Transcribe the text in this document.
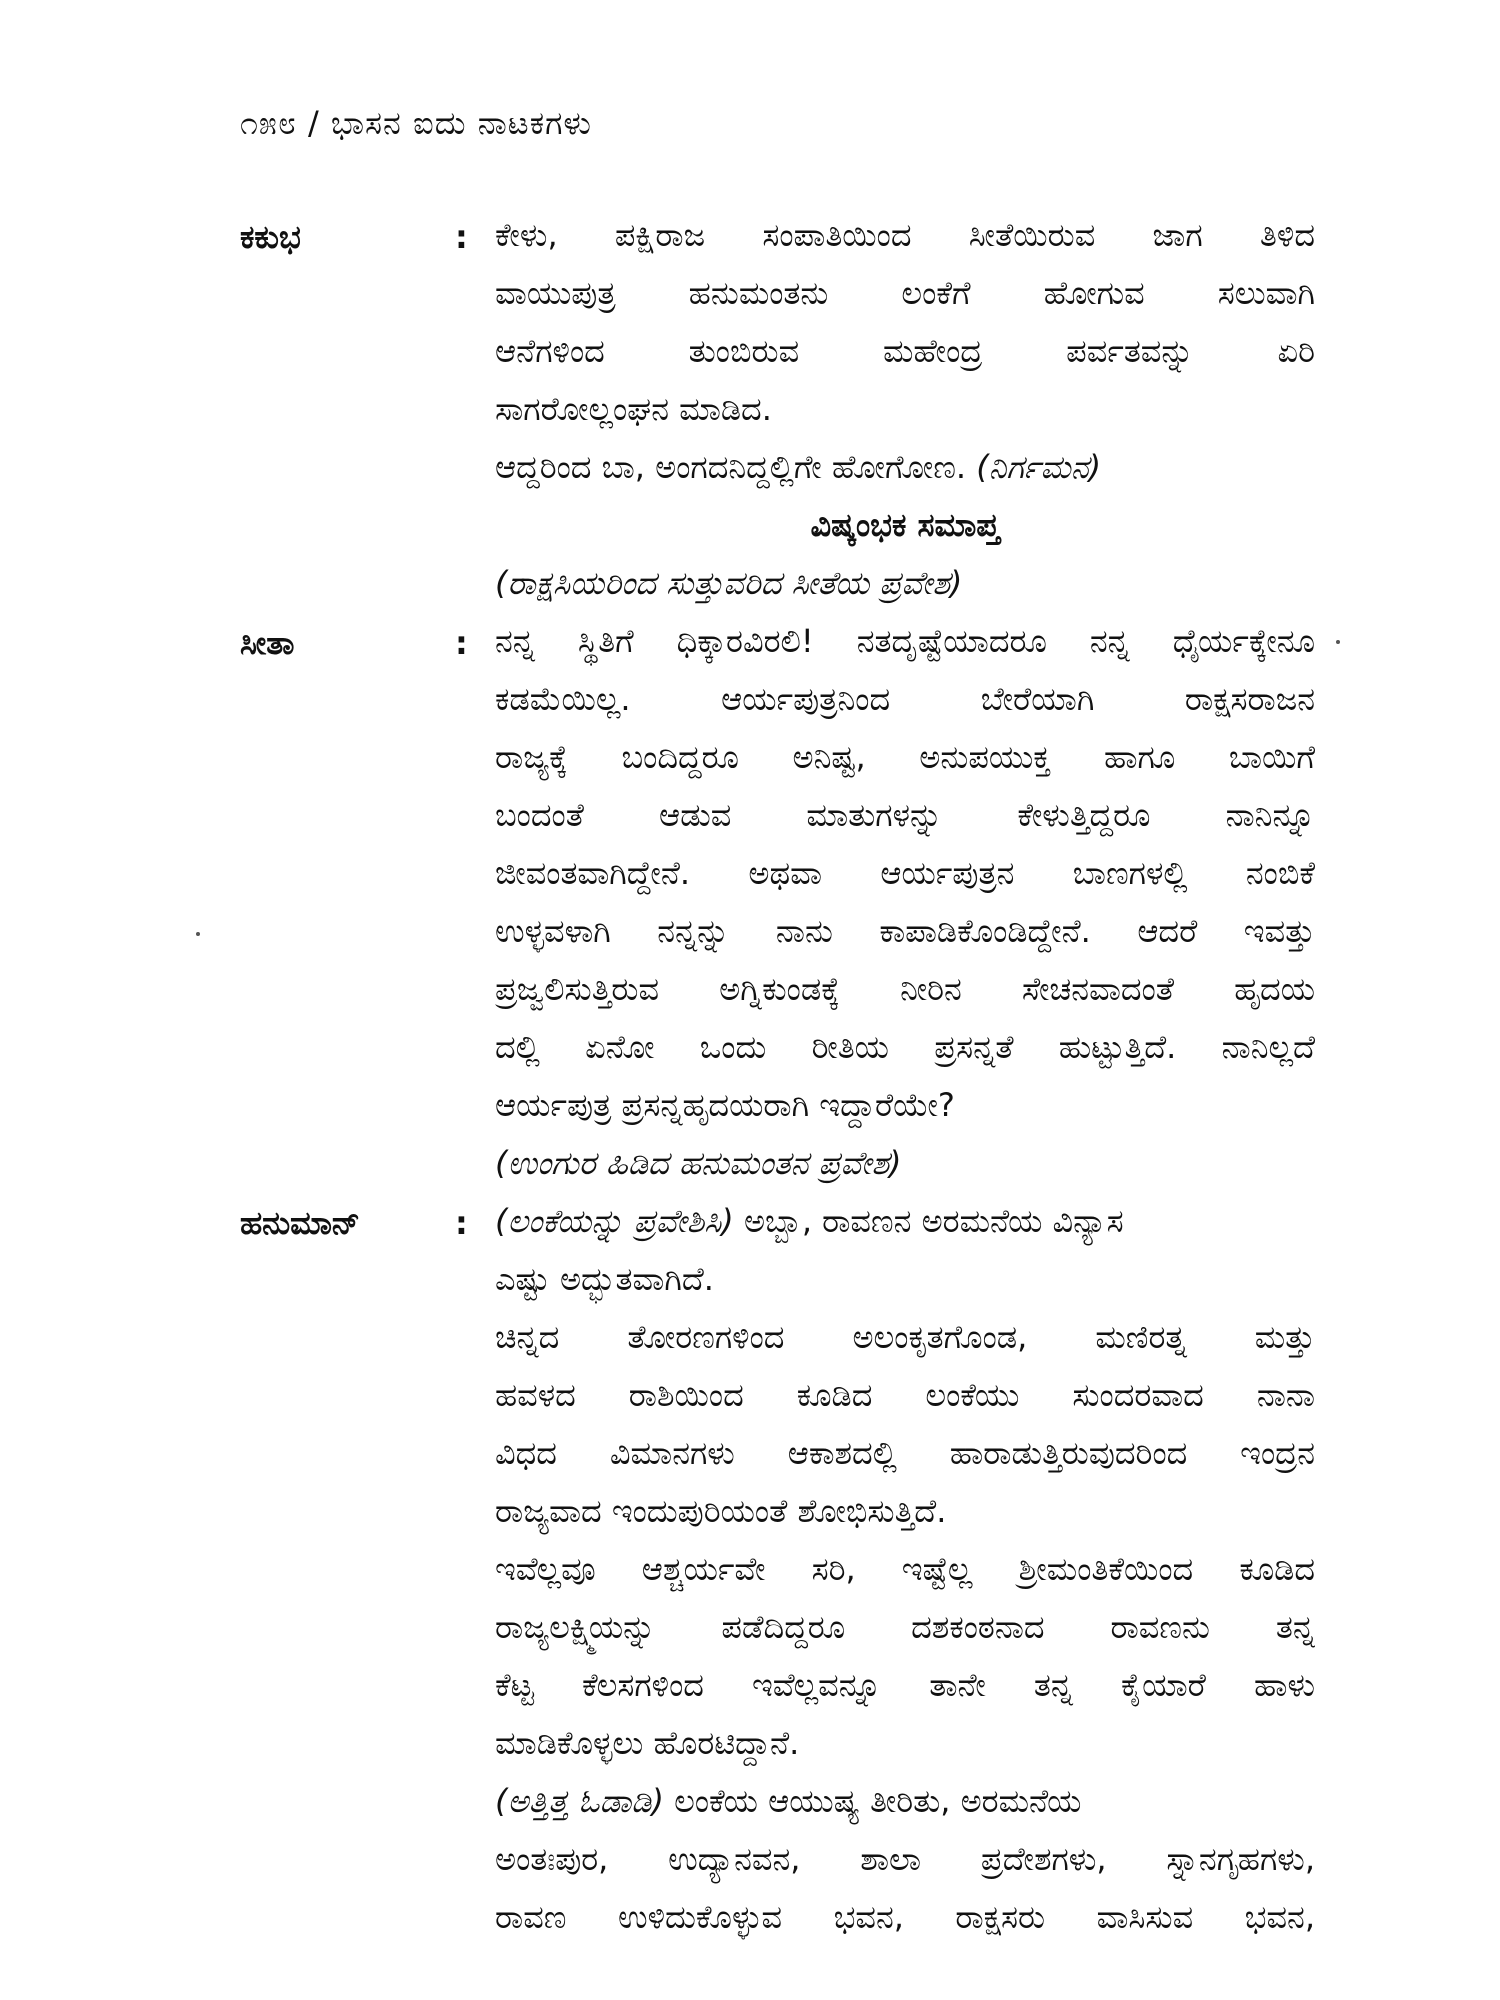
೧೫೮ / ಭಾಸನ ಐದು ನಾಟಕಗಳು
ಕಕುಭ	: ಕೇಳು, ಪಕ್ಷಿರಾಜ ಸಂಪಾತಿಯಿಂದ ಸೀತೆಯಿರುವ ಜಾಗ ತಿಳಿದ
ವಾಯುಪುತ್ರ ಹನುಮಂತನು ಲಂಕೆಗೆ ಹೋಗುವ ಸಲುವಾಗಿ
ಆನೆಗಳಿಂದ ತುಂಬಿರುವ ಮಹೇಂದ್ರ ಪರ್ವತವನ್ನು ಏರಿ
ಸಾಗರೋಲ್ಲಂಘನ ಮಾಡಿದ.
ಆದ್ದರಿಂದ ಬಾ, ಅಂಗದನಿದ್ದಲ್ಲಿಗೇ ಹೋಗೋಣ. (ನಿರ್ಗಮನ)
ವಿಷ್ಕಂಭಕ ಸಮಾಪ್ತ
(ರಾಕ್ಷಸಿಯರಿಂದ ಸುತ್ತುವರಿದ ಸೀತೆಯ ಪ್ರವೇಶ)
ಸೀತಾ	: ನನ್ನ ಸ್ಥಿತಿಗೆ ಧಿಕ್ಕಾರವಿರಲಿ! ನತದೃಷ್ಟೆಯಾದರೂ ನನ್ನ ಧೈರ್ಯಕ್ಕೇನೂ
ಕಡಮೆಯಿಲ್ಲ. ಆರ್ಯಪುತ್ರನಿಂದ ಬೇರೆಯಾಗಿ ರಾಕ್ಷಸರಾಜನ
ರಾಜ್ಯಕ್ಕೆ ಬಂದಿದ್ದರೂ ಅನಿಷ್ಟ, ಅನುಪಯುಕ್ತ ಹಾಗೂ ಬಾಯಿಗೆ
ಬಂದಂತೆ ಆಡುವ ಮಾತುಗಳನ್ನು ಕೇಳುತ್ತಿದ್ದರೂ ನಾನಿನ್ನೂ
ಜೀವಂತವಾಗಿದ್ದೇನೆ. ಅಥವಾ ಆರ್ಯಪುತ್ರನ ಬಾಣಗಳಲ್ಲಿ ನಂಬಿಕೆ
ಉಳ್ಳವಳಾಗಿ ನನ್ನನ್ನು ನಾನು ಕಾಪಾಡಿಕೊಂಡಿದ್ದೇನೆ. ಆದರೆ ಇವತ್ತು
ಪ್ರಜ್ವಲಿಸುತ್ತಿರುವ ಅಗ್ನಿಕುಂಡಕ್ಕೆ ನೀರಿನ ಸೇಚನವಾದಂತೆ ಹೃದಯ
ದಲ್ಲಿ ಏನೋ ಒಂದು ರೀತಿಯ ಪ್ರಸನ್ನತೆ ಹುಟ್ಟುತ್ತಿದೆ. ನಾನಿಲ್ಲದೆ
ಆರ್ಯಪುತ್ರ ಪ್ರಸನ್ನಹೃದಯರಾಗಿ ಇದ್ದಾರೆಯೇ?
(ಉಂಗುರ ಹಿಡಿದ ಹನುಮಂತನ ಪ್ರವೇಶ)
ಹನುಮಾನ್	: (ಲಂಕೆಯನ್ನು ಪ್ರವೇಶಿಸಿ) ಅಬ್ಬಾ, ರಾವಣನ ಅರಮನೆಯ ವಿನ್ಯಾಸ
ಎಷ್ಟು ಅದ್ಭುತವಾಗಿದೆ.
ಚಿನ್ನದ ತೋರಣಗಳಿಂದ ಅಲಂಕೃತಗೊಂಡ, ಮಣಿರತ್ನ ಮತ್ತು
ಹವಳದ ರಾಶಿಯಿಂದ ಕೂಡಿದ ಲಂಕೆಯು ಸುಂದರವಾದ ನಾನಾ
ವಿಧದ ವಿಮಾನಗಳು ಆಕಾಶದಲ್ಲಿ ಹಾರಾಡುತ್ತಿರುವುದರಿಂದ ಇಂದ್ರನ
ರಾಜ್ಯವಾದ ಇಂದುಪುರಿಯಂತೆ ಶೋಭಿಸುತ್ತಿದೆ.
ಇವೆಲ್ಲವೂ ಆಶ್ಚರ್ಯವೇ ಸರಿ, ಇಷ್ಟೆಲ್ಲ ಶ್ರೀಮಂತಿಕೆಯಿಂದ ಕೂಡಿದ
ರಾಜ್ಯಲಕ್ಷ್ಮಿಯನ್ನು ಪಡೆದಿದ್ದರೂ ದಶಕಂಠನಾದ ರಾವಣನು ತನ್ನ
ಕೆಟ್ಟ ಕೆಲಸಗಳಿಂದ ಇವೆಲ್ಲವನ್ನೂ ತಾನೇ ತನ್ನ ಕೈಯಾರೆ ಹಾಳು
ಮಾಡಿಕೊಳ್ಳಲು ಹೊರಟಿದ್ದಾನೆ.
(ಅತ್ತಿತ್ತ ಓಡಾಡಿ) ಲಂಕೆಯ ಆಯುಷ್ಯ ತೀರಿತು, ಅರಮನೆಯ
ಅಂತಃಪುರ, ಉದ್ಯಾನವನ, ಶಾಲಾ ಪ್ರದೇಶಗಳು, ಸ್ನಾನಗೃಹಗಳು,
ರಾವಣ ಉಳಿದುಕೊಳ್ಳುವ ಭವನ, ರಾಕ್ಷಸರು ವಾಸಿಸುವ ಭವನ,
